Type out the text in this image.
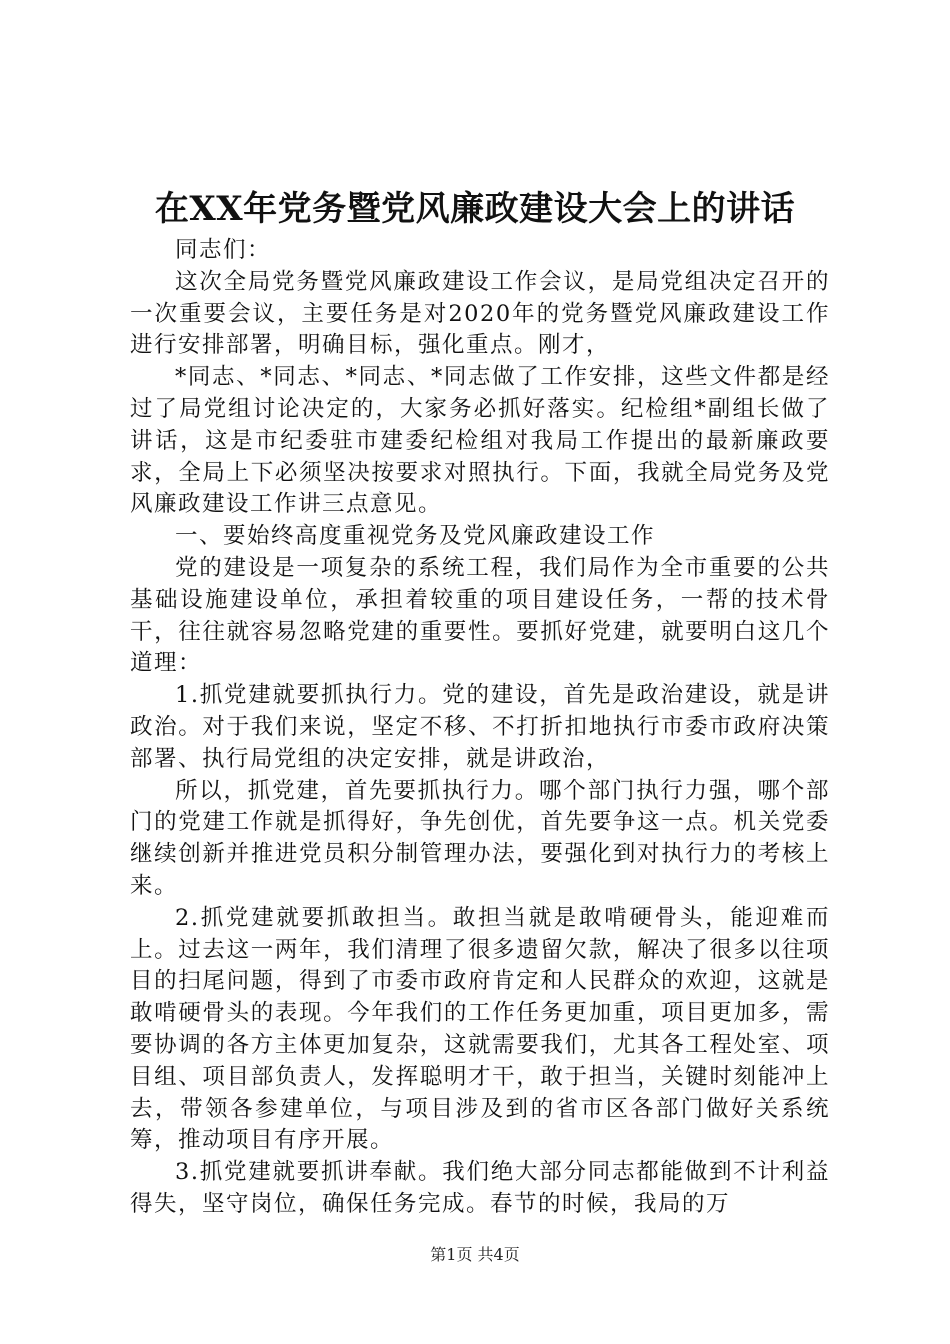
在XX年党务暨党风廉政建设大会上的讲话

同志们：

这次全局党务暨党风廉政建设工作会议，是局党组决定召开的一次重要会议，主要任务是对2020年的党务暨党风廉政建设工作进行安排部署，明确目标，强化重点。刚才，

*同志、*同志、*同志、*同志做了工作安排，这些文件都是经过了局党组讨论决定的，大家务必抓好落实。纪检组*副组长做了讲话，这是市纪委驻市建委纪检组对我局工作提出的最新廉政要求，全局上下必须坚决按要求对照执行。下面，我就全局党务及党风廉政建设工作讲三点意见。

一、要始终高度重视党务及党风廉政建设工作

党的建设是一项复杂的系统工程，我们局作为全市重要的公共基础设施建设单位，承担着较重的项目建设任务，一帮的技术骨干，往往就容易忽略党建的重要性。要抓好党建，就要明白这几个道理：

1.抓党建就要抓执行力。党的建设，首先是政治建设，就是讲政治。对于我们来说，坚定不移、不打折扣地执行市委市政府决策部署、执行局党组的决定安排，就是讲政治，

所以，抓党建，首先要抓执行力。哪个部门执行力强，哪个部门的党建工作就是抓得好，争先创优，首先要争这一点。机关党委继续创新并推进党员积分制管理办法，要强化到对执行力的考核上来。

2.抓党建就要抓敢担当。敢担当就是敢啃硬骨头，能迎难而上。过去这一两年，我们清理了很多遗留欠款，解决了很多以往项目的扫尾问题，得到了市委市政府肯定和人民群众的欢迎，这就是敢啃硬骨头的表现。今年我们的工作任务更加重，项目更加多，需要协调的各方主体更加复杂，这就需要我们，尤其各工程处室、项目组、项目部负责人，发挥聪明才干，敢于担当，关键时刻能冲上去，带领各参建单位，与项目涉及到的省市区各部门做好关系统筹，推动项目有序开展。

3.抓党建就要抓讲奉献。我们绝大部分同志都能做到不计利益得失，坚守岗位，确保任务完成。春节的时候，我局的万

第1页 共4页
